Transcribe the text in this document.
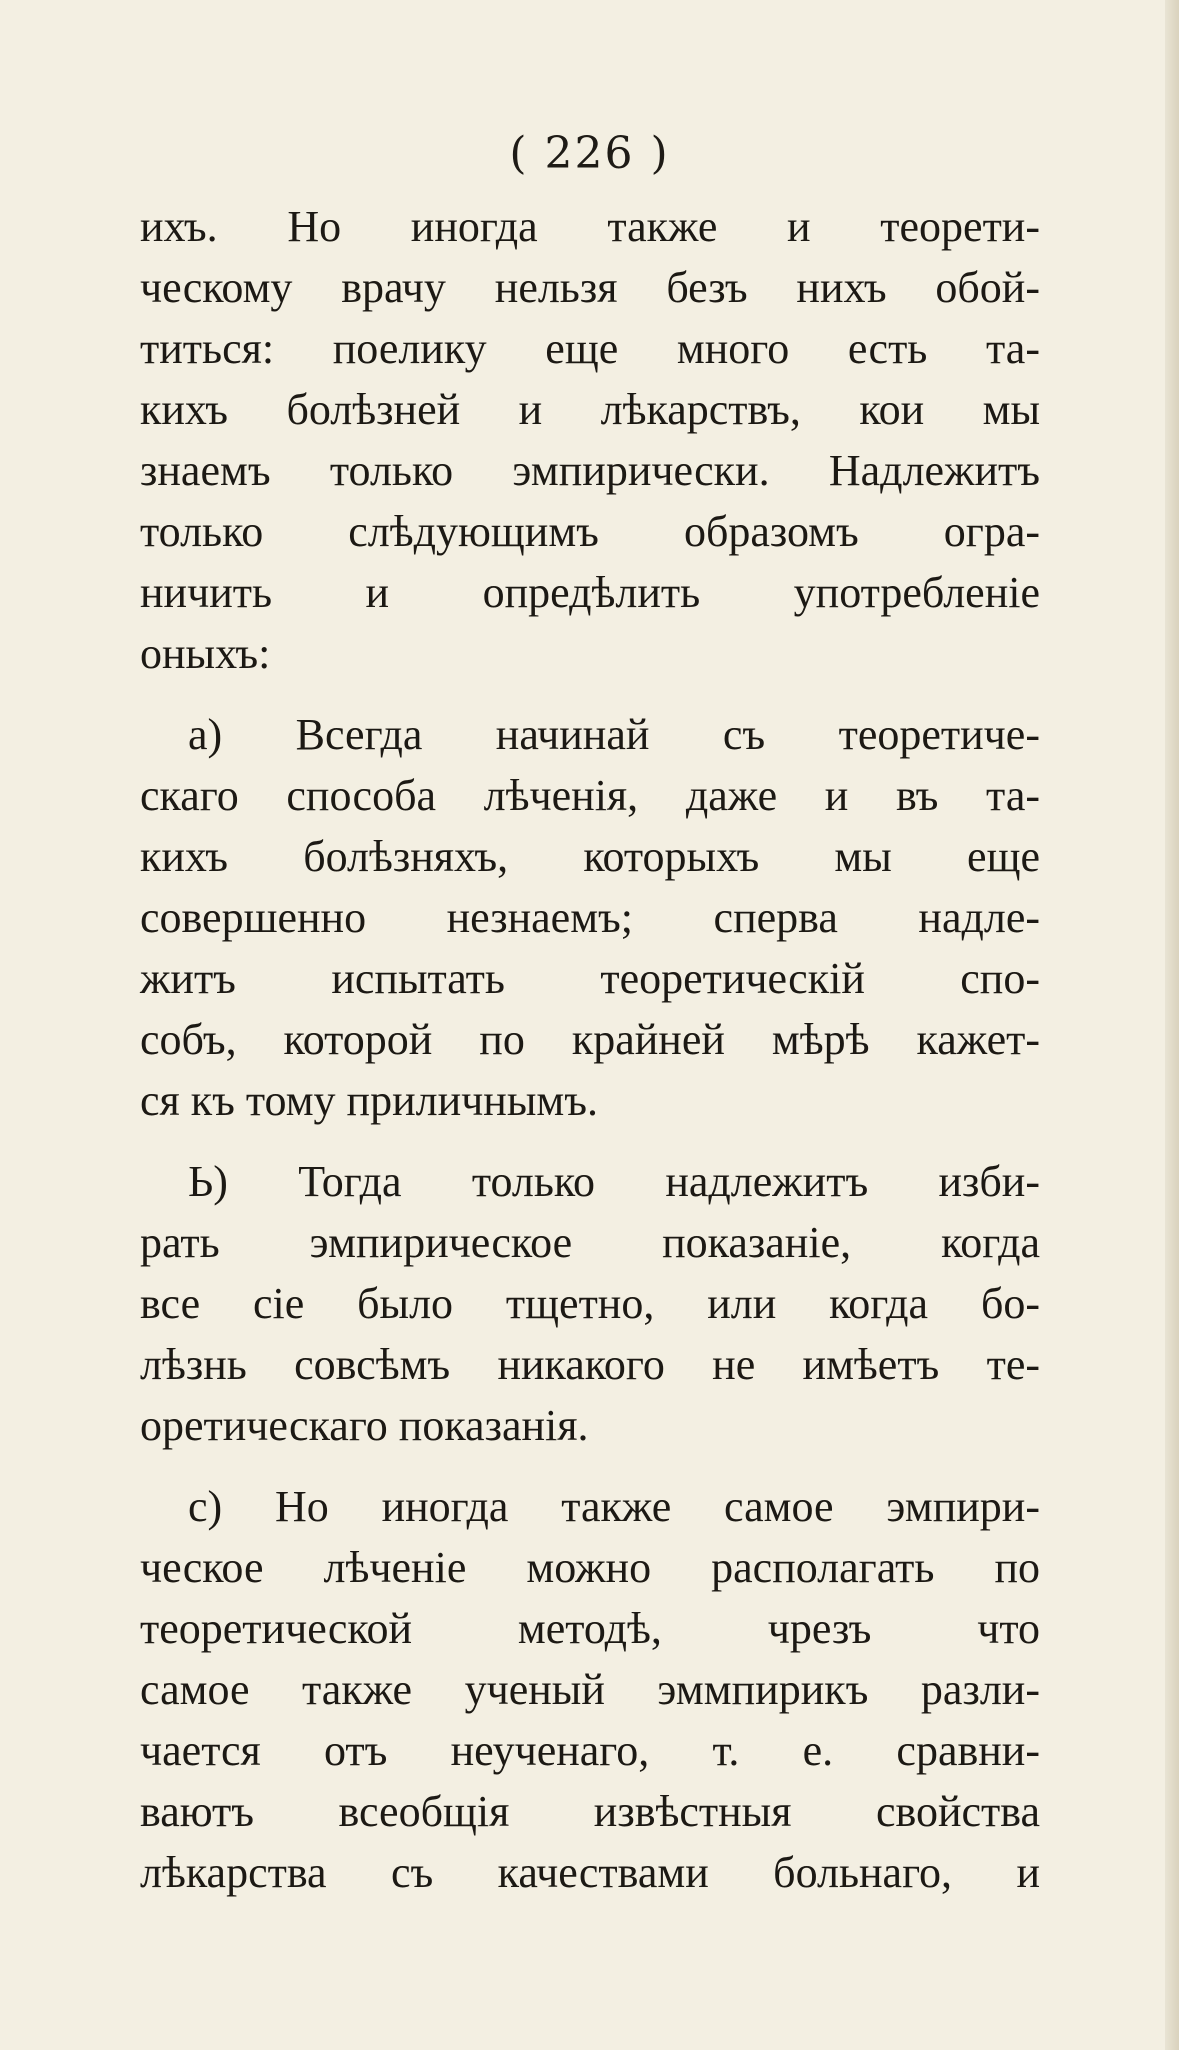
( 226 )
ихъ. Но иногда также и теорети-
ческому врачу нельзя безъ нихъ обой-
титься: поелику еще много есть та-
кихъ болѣзней и лѣкарствъ, кои мы
знаемъ только эмпирически. Надлежитъ
только слѣдующимъ образомъ огра-
ничить и опредѣлить употребленіе
оныхъ:
а) Всегда начинай съ теоретиче-
скаго способа лѣченія, даже и въ та-
кихъ болѣзняхъ, которыхъ мы еще
совершенно незнаемъ; сперва надле-
житъ испытать теоретическій спо-
собъ, которой по крайней мѣрѣ кажет-
ся къ тому приличнымъ.
Ь) Тогда только надлежитъ изби-
рать эмпирическое показаніе, когда
все сіе было тщетно, или когда бо-
лѣзнь совсѣмъ никакого не имѣетъ те-
оретическаго показанія.
с) Но иногда также самое эмпири-
ческое лѣченіе можно располагать по
теоретической методѣ, чрезъ что
самое также ученый эммпирикъ разли-
чается отъ неученаго, т. е. сравни-
ваютъ всеобщія извѣстныя свойства
лѣкарства съ качествами больнаго, и
